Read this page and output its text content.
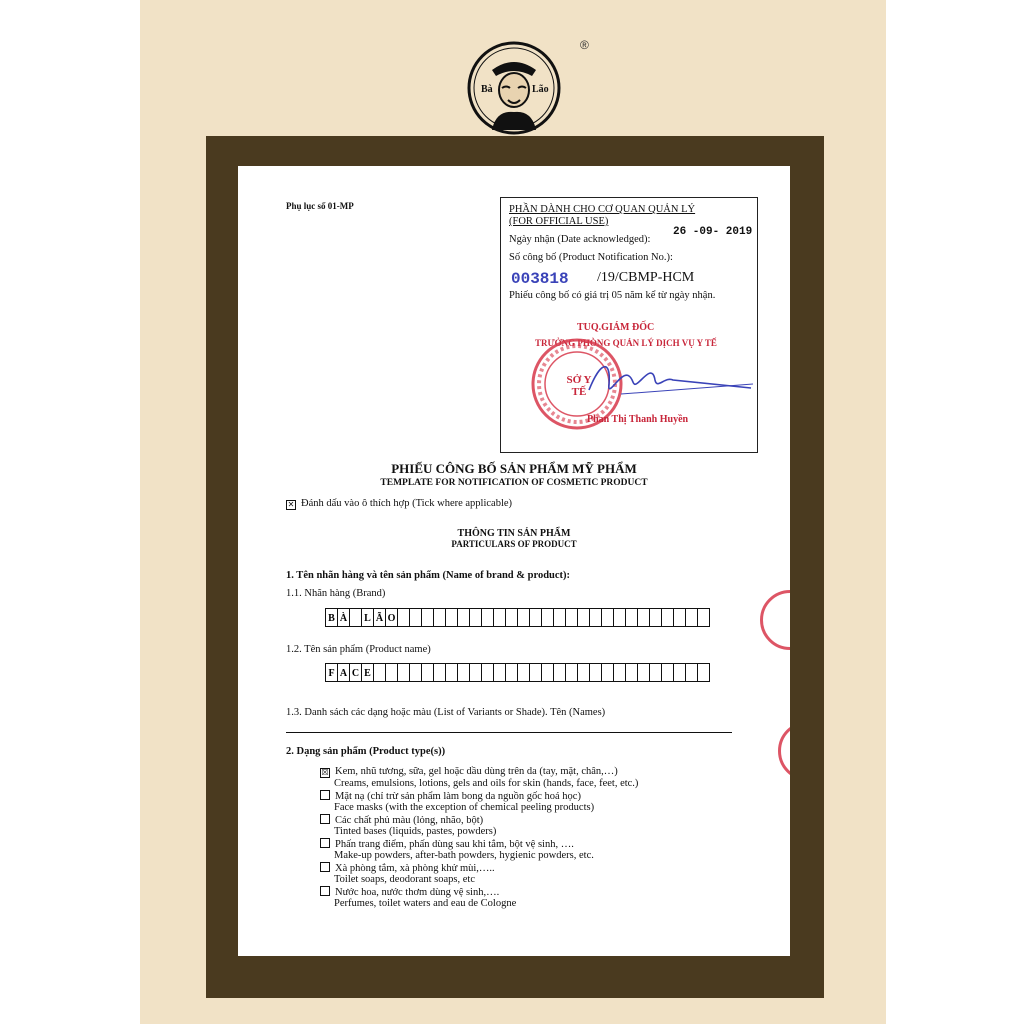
Bà	Lão
®
Phụ lục số 01-MP	PHẦN DÀNH CHO CƠ QUAN QUẢN LÝ
(FOR OFFICIAL USE)
Ngày nhận (Date acknowledged):
26 -09- 2019
Số công bố (Product Notification No.):
003818 /19/CBMP-HCM
Phiếu công bố có giá trị 05 năm kể từ ngày nhận.
TUQ.GIÁM ĐỐC
TRƯỞNG PHÒNG QUẢN LÝ DỊCH VỤ Y TẾ
SỞ Y TẾ
Phan Thị Thanh Huyền
PHIẾU CÔNG BỐ SẢN PHẨM MỸ PHẨM
TEMPLATE FOR NOTIFICATION OF COSMETIC PRODUCT
✕ Đánh dấu vào ô thích hợp (Tick where applicable)
THÔNG TIN SẢN PHẨM
PARTICULARS OF PRODUCT
1. Tên nhãn hàng và tên sản phẩm (Name of brand & product):
1.1. Nhãn hàng (Brand)
B À	L Ã O
1.2. Tên sản phẩm (Product name)
F A C E
1.3. Danh sách các dạng hoặc màu (List of Variants or Shade). Tên (Names)
2. Dạng sản phẩm (Product type(s))
☒ Kem, nhũ tương, sữa, gel hoặc dầu dùng trên da (tay, mặt, chân,…)
Creams, emulsions, lotions, gels and oils for skin (hands, face, feet, etc.)
Mặt nạ (chỉ trừ sản phẩm làm bong da nguồn gốc hoá học)
Face masks (with the exception of chemical peeling products)
Các chất phủ màu (lỏng, nhão, bột)
Tinted bases (liquids, pastes, powders)
Phấn trang điểm, phấn dùng sau khi tắm, bột vệ sinh, ….
Make-up powders, after-bath powders, hygienic powders, etc.
Xà phòng tắm, xà phòng khử mùi,…..
Toilet soaps, deodorant soaps, etc
Nước hoa, nước thơm dùng vệ sinh,….
Perfumes, toilet waters and eau de Cologne
